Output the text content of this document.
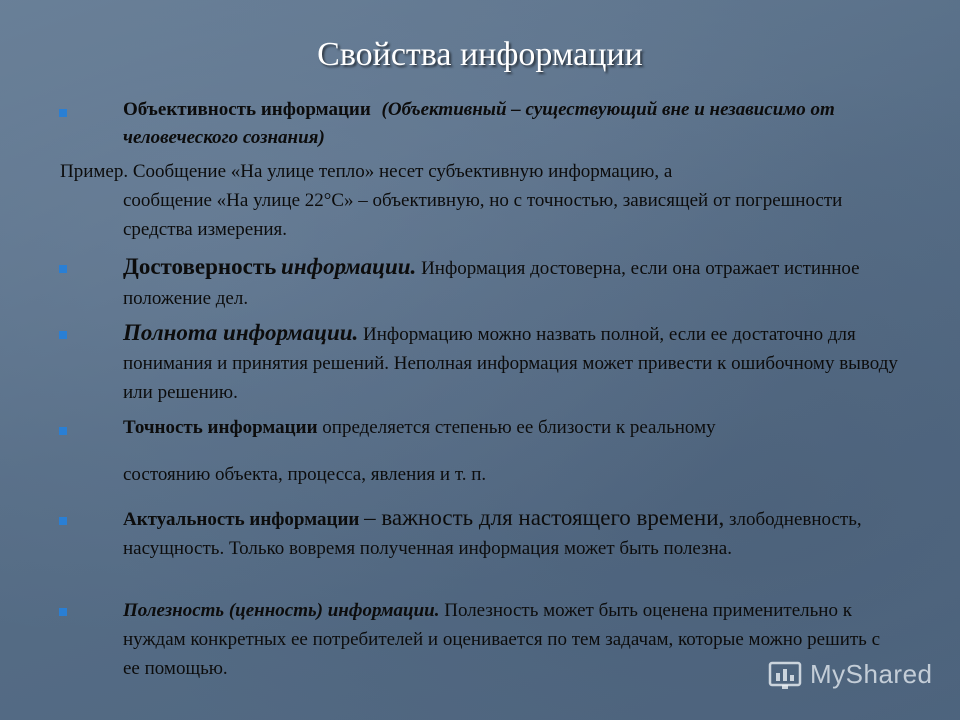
Свойства информации
Объективность информации (Объективный – существующий вне и независимо от человеческого сознания)
Пример. Сообщение «На улице тепло» несет субъективную информацию, а
сообщение «На улице 22°С» – объективную, но с точностью, зависящей от погрешности средства измерения.
Достоверность информации. Информация достоверна, если она отражает истинное положение дел.
Полнота информации. Информацию можно назвать полной, если ее достаточно для понимания и принятия решений. Неполная информация может привести к ошибочному выводу или решению.
Точность информации определяется степенью ее близости к реальному
состоянию объекта, процесса, явления и т. п.
Актуальность информации – важность для настоящего времени, злободневность, насущность. Только вовремя полученная информация может быть полезна.
Полезность (ценность) информации. Полезность может быть оценена применительно к нуждам конкретных ее потребителей и оценивается по тем задачам, которые можно решить с ее помощью.	MyShared
